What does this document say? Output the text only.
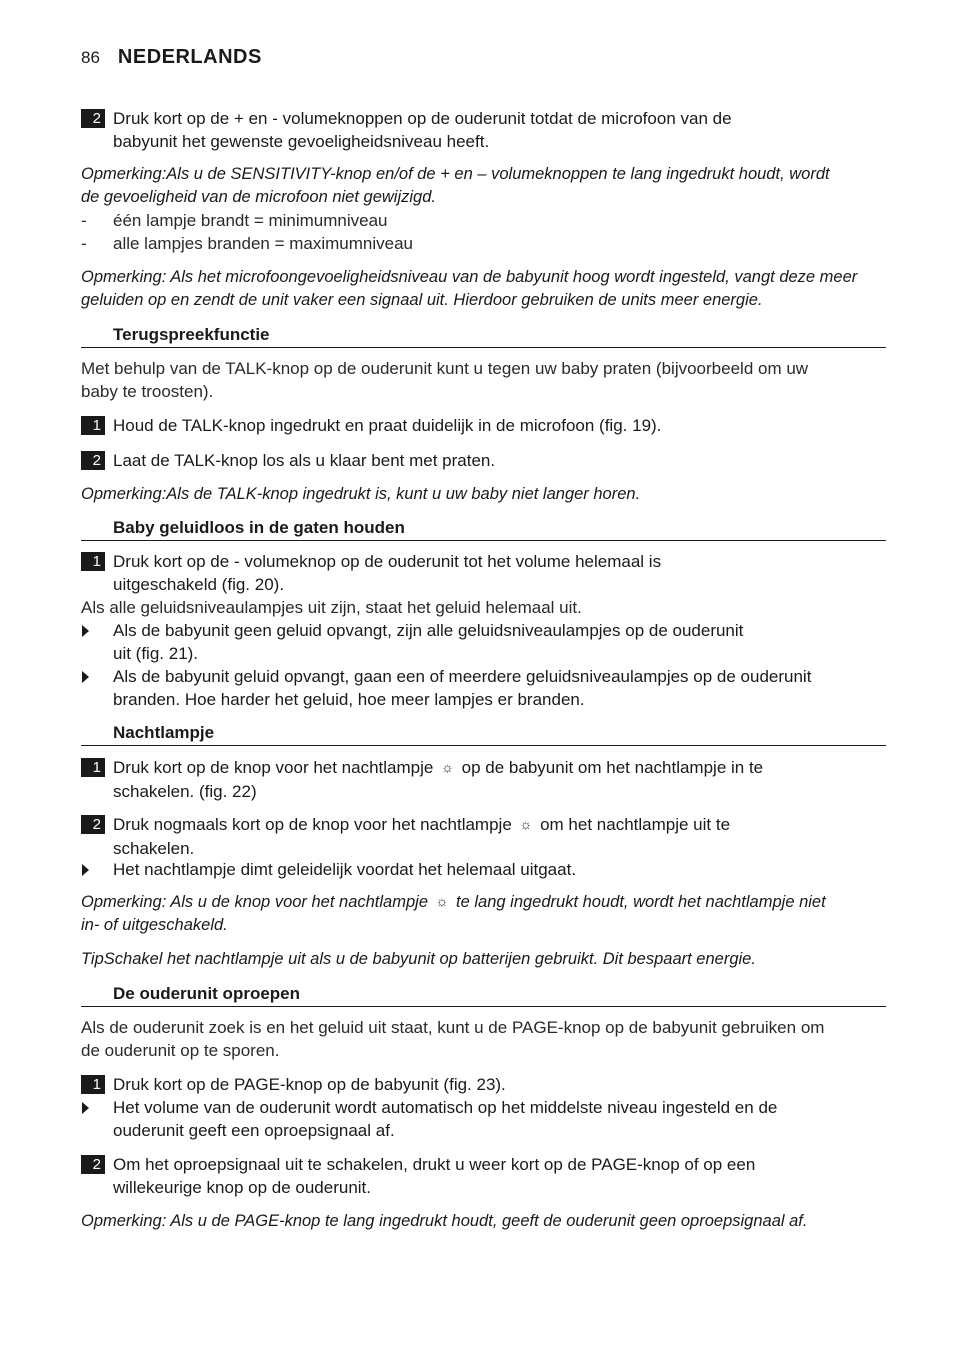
86 NEDERLANDS
2 Druk kort op de + en - volumeknoppen op de ouderunit totdat de microfoon van de
babyunit het gewenste gevoeligheidsniveau heeft.
Opmerking:Als u de SENSITIVITY-knop en/of de + en – volumeknoppen te lang ingedrukt houdt, wordt
de gevoeligheid van de microfoon niet gewijzigd.
- één lampje brandt = minimumniveau
- alle lampjes branden = maximumniveau
Opmerking: Als het microfoongevoeligheidsniveau van de babyunit hoog wordt ingesteld, vangt deze meer
geluiden op en zendt de unit vaker een signaal uit. Hierdoor gebruiken de units meer energie.
Terugspreekfunctie
Met behulp van de TALK-knop op de ouderunit kunt u tegen uw baby praten (bijvoorbeeld om uw
baby te troosten).
1 Houd de TALK-knop ingedrukt en praat duidelijk in de microfoon (fig. 19).
2 Laat de TALK-knop los als u klaar bent met praten.
Opmerking:Als de TALK-knop ingedrukt is, kunt u uw baby niet langer horen.
Baby geluidloos in de gaten houden
1 Druk kort op de - volumeknop op de ouderunit tot het volume helemaal is
uitgeschakeld (fig. 20).
Als alle geluidsniveaulampjes uit zijn, staat het geluid helemaal uit.
Als de babyunit geen geluid opvangt, zijn alle geluidsniveaulampjes op de ouderunit
uit (fig. 21).
Als de babyunit geluid opvangt, gaan een of meerdere geluidsniveaulampjes op de ouderunit
branden. Hoe harder het geluid, hoe meer lampjes er branden.
Nachtlampje
1 Druk kort op de knop voor het nachtlampje ☼ op de babyunit om het nachtlampje in te
schakelen. (fig. 22)
2 Druk nogmaals kort op de knop voor het nachtlampje ☼ om het nachtlampje uit te
schakelen.
Het nachtlampje dimt geleidelijk voordat het helemaal uitgaat.
Opmerking: Als u de knop voor het nachtlampje ☼ te lang ingedrukt houdt, wordt het nachtlampje niet
in- of uitgeschakeld.
TipSchakel het nachtlampje uit als u de babyunit op batterijen gebruikt. Dit bespaart energie.
De ouderunit oproepen
Als de ouderunit zoek is en het geluid uit staat, kunt u de PAGE-knop op de babyunit gebruiken om
de ouderunit op te sporen.
1 Druk kort op de PAGE-knop op de babyunit (fig. 23).
Het volume van de ouderunit wordt automatisch op het middelste niveau ingesteld en de
ouderunit geeft een oproepsignaal af.
2 Om het oproepsignaal uit te schakelen, drukt u weer kort op de PAGE-knop of op een
willekeurige knop op de ouderunit.
Opmerking: Als u de PAGE-knop te lang ingedrukt houdt, geeft de ouderunit geen oproepsignaal af.
